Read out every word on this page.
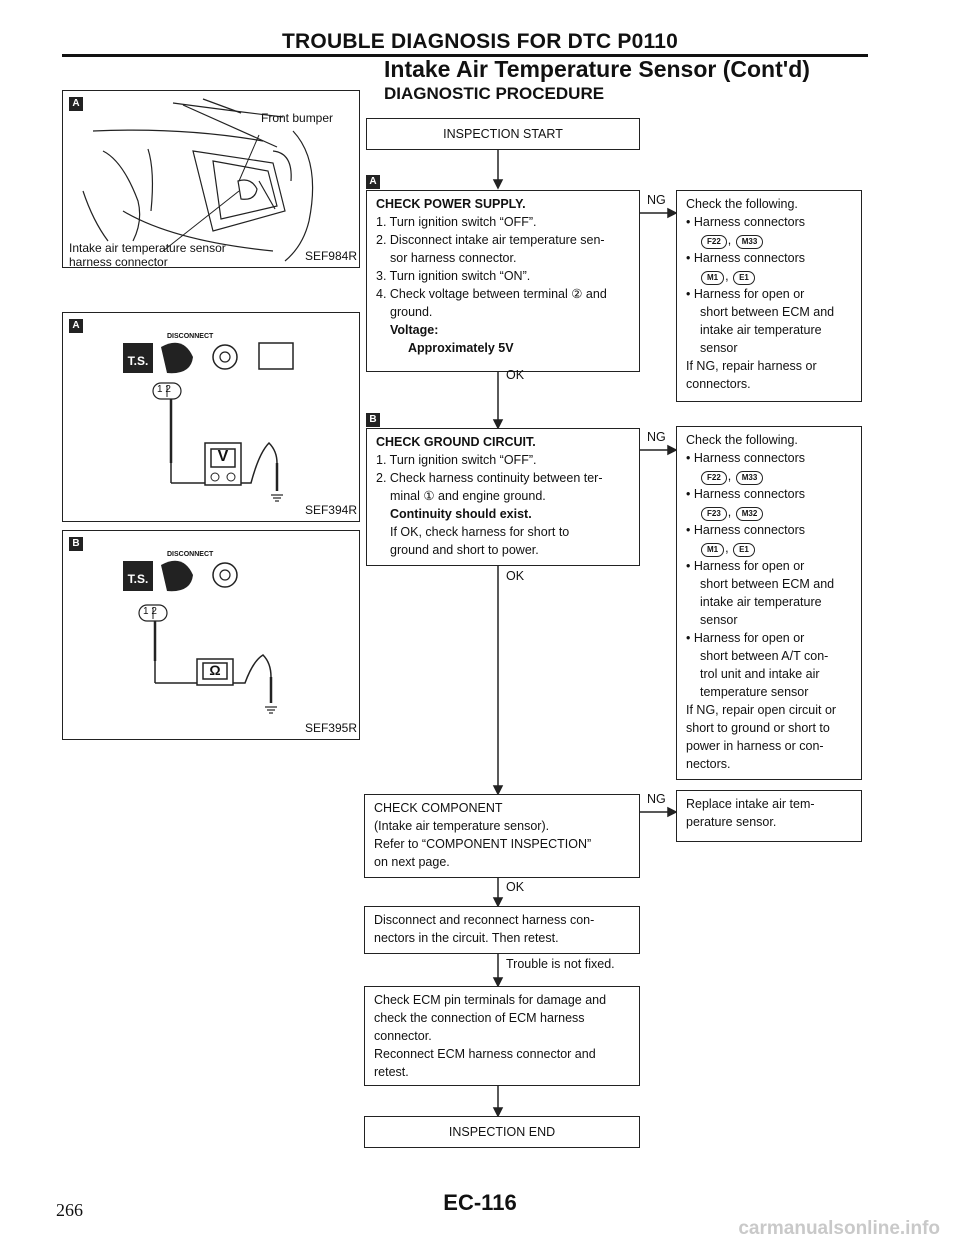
TROUBLE DIAGNOSIS FOR DTC P0110
Intake Air Temperature Sensor (Cont'd)
DIAGNOSTIC PROCEDURE
A
Front bumper
Intake air temperature sensor
harness connector	SEF984R
A
DISCONNECT
T.S.
1 2
V
SEF394R
B
DISCONNECT
T.S.
1 2
Ω
SEF395R
INSPECTION START
A
CHECK POWER SUPPLY.
1. Turn ignition switch “OFF”.
2. Disconnect intake air temperature sen-
sor harness connector.
3. Turn ignition switch “ON”.
4. Check voltage between terminal ② and
ground.
Voltage:
Approximately 5V
NG
OK
Check the following.
• Harness connectors
F22 , M33
• Harness connectors
M1 , E1
• Harness for open or
short between ECM and
intake air temperature
sensor
If NG, repair harness or
connectors.
B
CHECK GROUND CIRCUIT.
1. Turn ignition switch “OFF”.
2. Check harness continuity between ter-
minal ① and engine ground.
Continuity should exist.
If OK, check harness for short to
ground and short to power.
NG
OK
Check the following.
• Harness connectors
F22 , M33
• Harness connectors
F23 , M32
• Harness connectors
M1 , E1
• Harness for open or
short between ECM and
intake air temperature
sensor
• Harness for open or
short between A/T con-
trol unit and intake air
temperature sensor
If NG, repair open circuit or
short to ground or short to
power in harness or con-
nectors.
CHECK COMPONENT
(Intake air temperature sensor).
Refer to “COMPONENT INSPECTION”
on next page.
NG Replace intake air tem-
perature sensor.
OK
Disconnect and reconnect harness con-
nectors in the circuit. Then retest.
Trouble is not fixed.
Check ECM pin terminals for damage and
check the connection of ECM harness
connector.
Reconnect ECM harness connector and
retest.
INSPECTION END
266	EC-116
carmanualsonline.info
